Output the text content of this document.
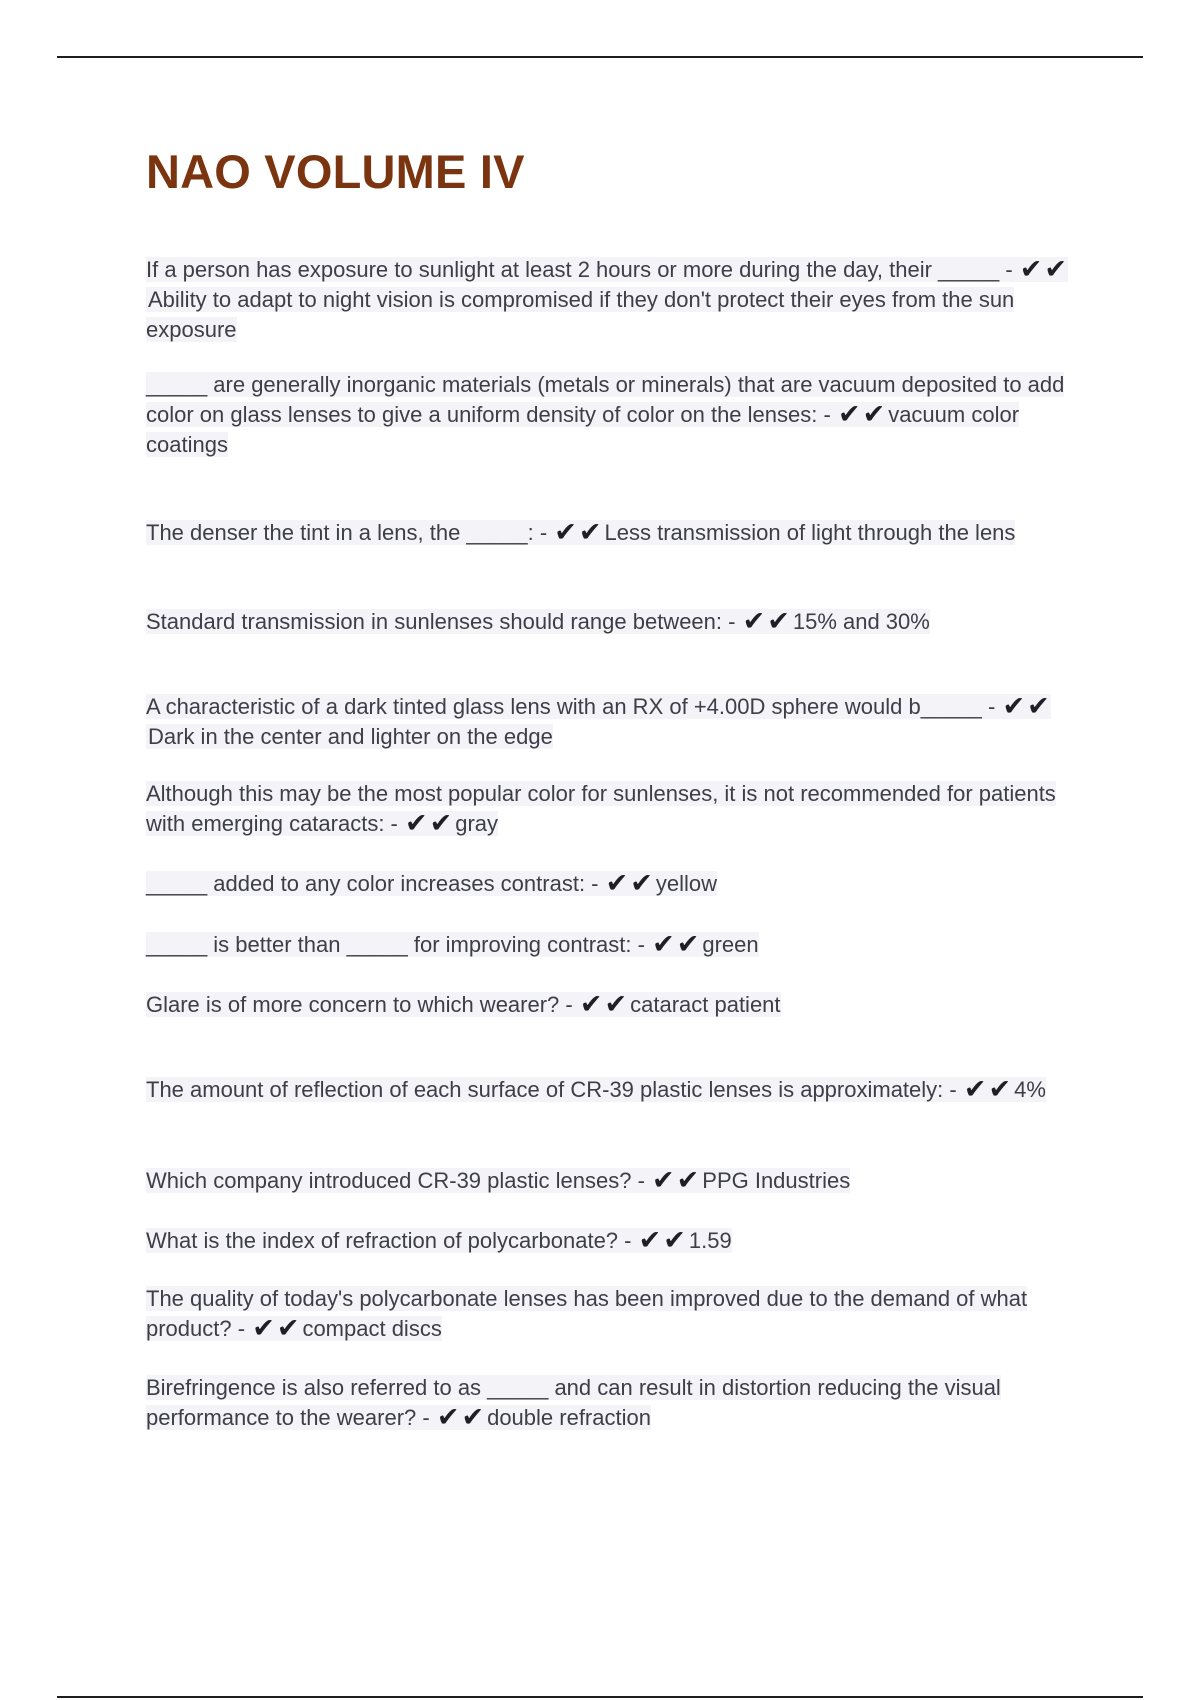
NAO VOLUME IV

If a person has exposure to sunlight at least 2 hours or more during the day, their _____ - ✔✔Ability to adapt to night vision is compromised if they don't protect their eyes from the sun exposure

_____ are generally inorganic materials (metals or minerals) that are vacuum deposited to add color on glass lenses to give a uniform density of color on the lenses: - ✔✔ vacuum color coatings

The denser the tint in a lens, the _____: - ✔✔ Less transmission of light through the lens

Standard transmission in sunlenses should range between: - ✔✔ 15% and 30%

A characteristic of a dark tinted glass lens with an RX of +4.00D sphere would b_____ - ✔✔Dark in the center and lighter on the edge

Although this may be the most popular color for sunlenses, it is not recommended for patients with emerging cataracts: - ✔✔ gray

_____ added to any color increases contrast: - ✔✔ yellow

_____ is better than _____ for improving contrast: - ✔✔ green

Glare is of more concern to which wearer? - ✔✔ cataract patient

The amount of reflection of each surface of CR-39 plastic lenses is approximately: - ✔✔ 4%

Which company introduced CR-39 plastic lenses? - ✔✔ PPG Industries

What is the index of refraction of polycarbonate? - ✔✔ 1.59

The quality of today's polycarbonate lenses has been improved due to the demand of what product? - ✔✔ compact discs

Birefringence is also referred to as _____ and can result in distortion reducing the visual performance to the wearer? - ✔✔ double refraction
